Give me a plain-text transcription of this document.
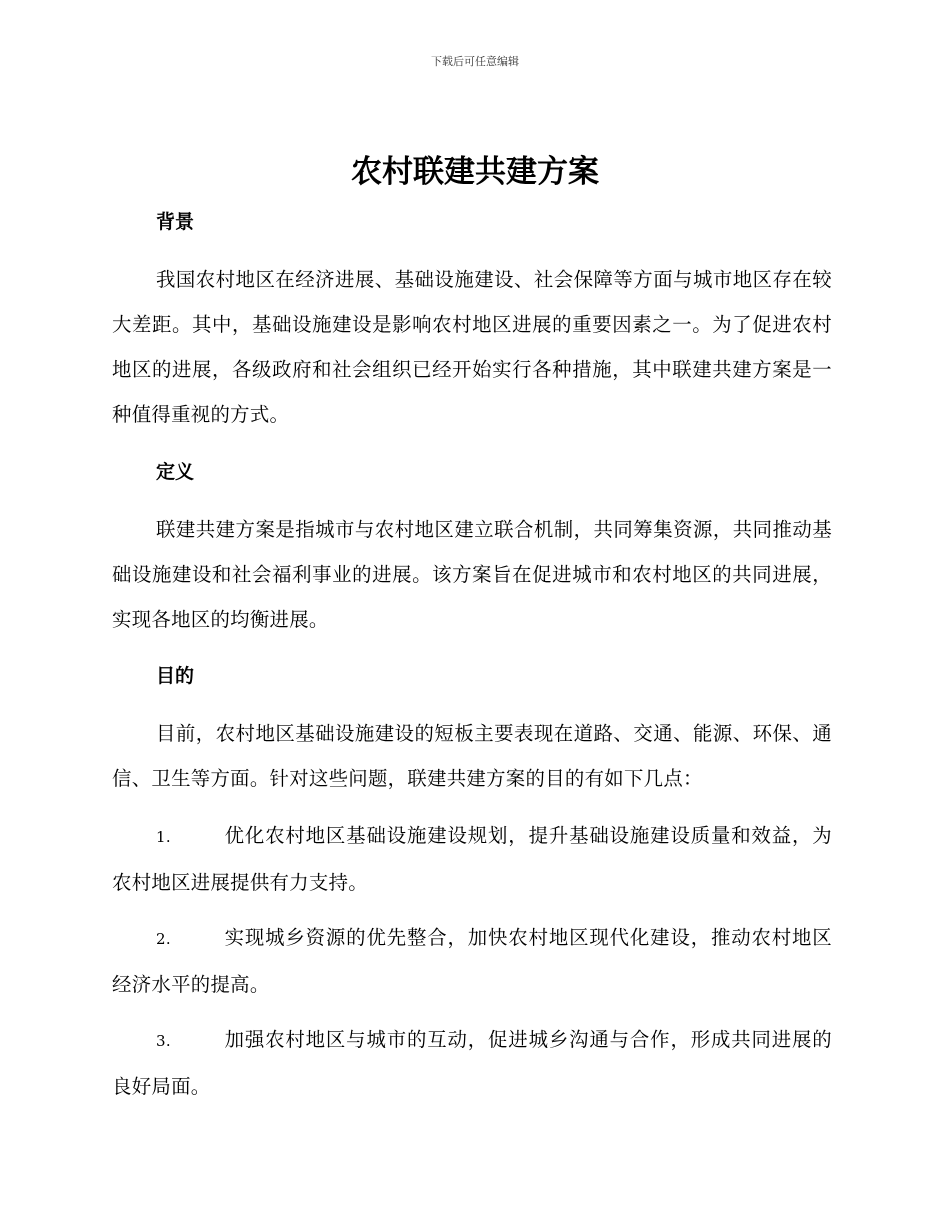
下载后可任意编辑
农村联建共建方案
背景

我国农村地区在经济进展、基础设施建设、社会保障等方面与城市地区存在较大差距。其中，基础设施建设是影响农村地区进展的重要因素之一。为了促进农村地区的进展，各级政府和社会组织已经开始实行各种措施，其中联建共建方案是一种值得重视的方式。

定义

联建共建方案是指城市与农村地区建立联合机制，共同筹集资源，共同推动基础设施建设和社会福利事业的进展。该方案旨在促进城市和农村地区的共同进展，实现各地区的均衡进展。

目的

目前，农村地区基础设施建设的短板主要表现在道路、交通、能源、环保、通信、卫生等方面。针对这些问题，联建共建方案的目的有如下几点：

1.	优化农村地区基础设施建设规划，提升基础设施建设质量和效益，为农村地区进展提供有力支持。

2.	实现城乡资源的优先整合，加快农村地区现代化建设，推动农村地区经济水平的提高。

3.	加强农村地区与城市的互动，促进城乡沟通与合作，形成共同进展的良好局面。
